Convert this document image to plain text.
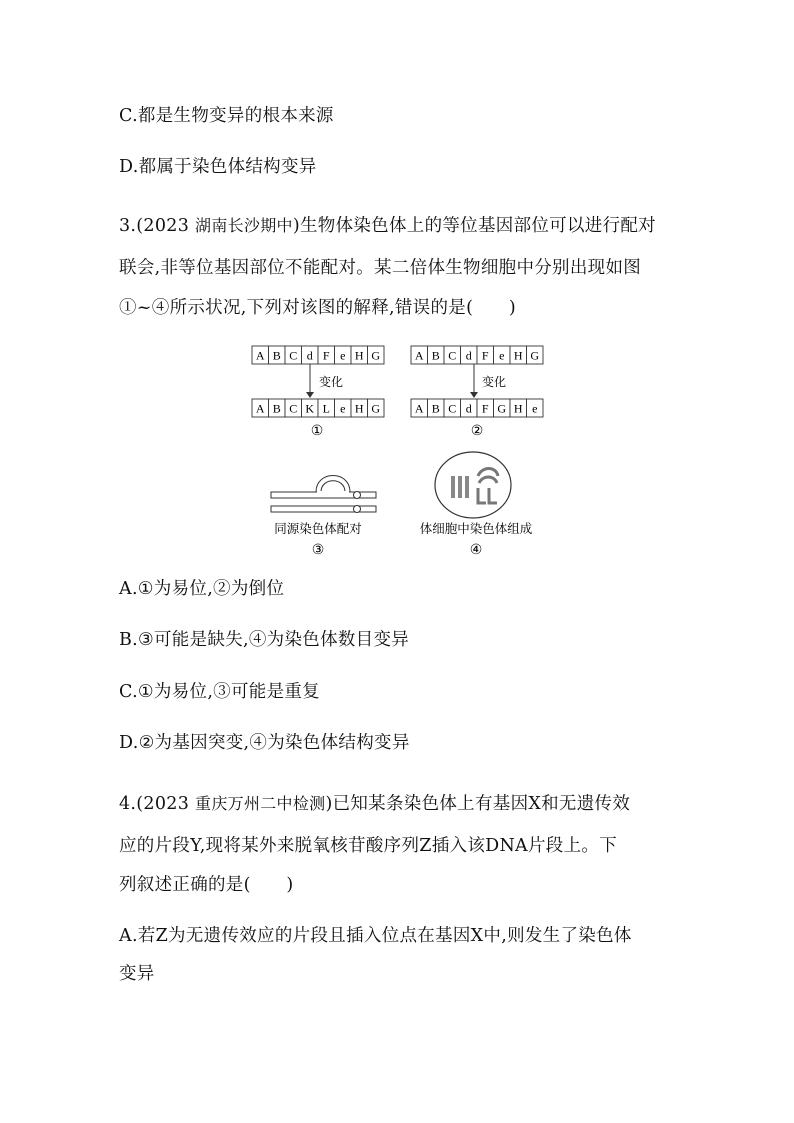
C.都是生物变异的根本来源
D.都属于染色体结构变异
3.(2023 湖南长沙期中)生物体染色体上的等位基因部位可以进行配对
联会,非等位基因部位不能配对。某二倍体生物细胞中分别出现如图
①~④所示状况,下列对该图的解释,错误的是(　　)
A B C d F e H G
A B C K L e H G
A B C d F e H G
A B C d F G H e
变化	变化
①	②
同源染色体配对
③
体细胞中染色体组成
④
A.①为易位,②为倒位
B.③可能是缺失,④为染色体数目变异
C.①为易位,③可能是重复
D.②为基因突变,④为染色体结构变异
4.(2023 重庆万州二中检测)已知某条染色体上有基因X和无遗传效
应的片段Y,现将某外来脱氧核苷酸序列Z插入该DNA片段上。下
列叙述正确的是(　　)
A.若Z为无遗传效应的片段且插入位点在基因X中,则发生了染色体
变异
